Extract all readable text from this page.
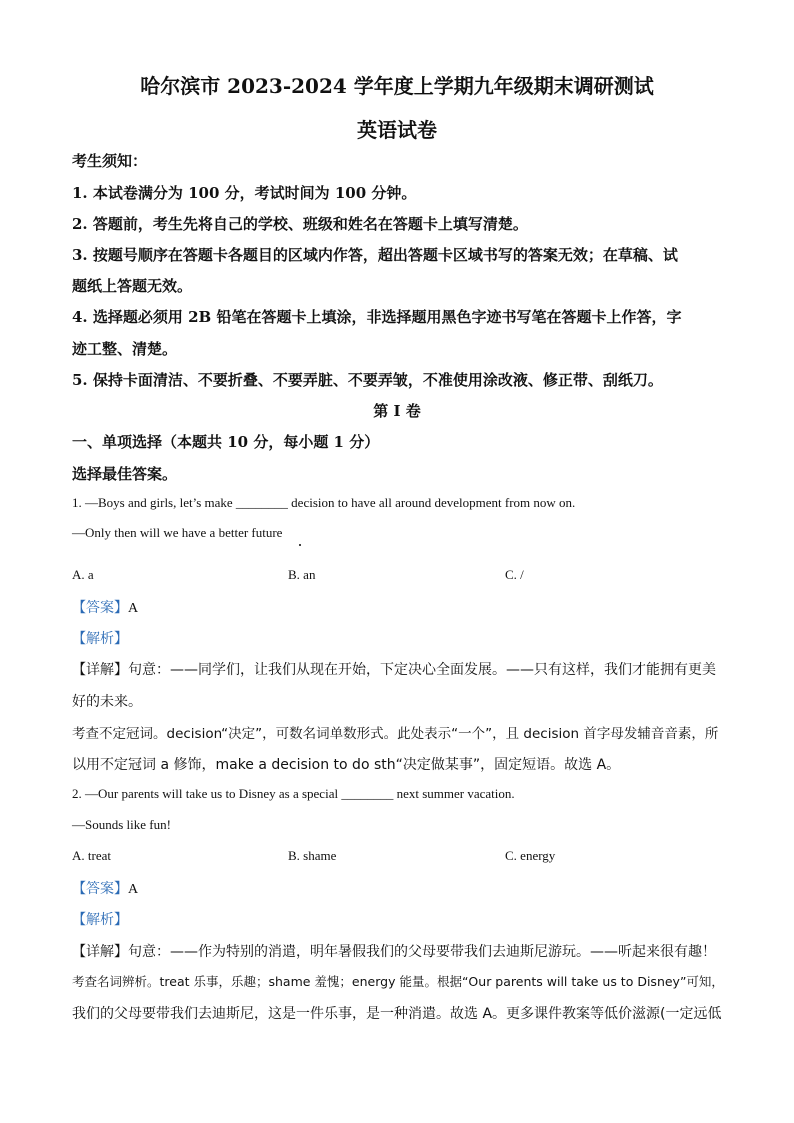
哈尔滨市 2023-2024 学年度上学期九年级期末调研测试
英语试卷
考生须知：
1. 本试卷满分为 100 分，考试时间为 100 分钟。
2. 答题前，考生先将自己的学校、班级和姓名在答题卡上填写清楚。
3. 按题号顺序在答题卡各题目的区域内作答，超出答题卡区域书写的答案无效；在草稿、试
题纸上答题无效。
4. 选择题必须用 2B 铅笔在答题卡上填涂，非选择题用黑色字迹书写笔在答题卡上作答，字
迹工整、清楚。
5. 保持卡面清洁、不要折叠、不要弄脏、不要弄皱，不准使用涂改液、修正带、刮纸刀。
第 I 卷
一、单项选择（本题共 10 分，每小题 1 分）
选择最佳答案。
1. —Boys and girls, let’s make ________ decision to have all around development from now on.
—Only then will we have a better future
A. a	B. an	C. /
【答案】A
【解析】
【详解】句意：——同学们，让我们从现在开始，下定决心全面发展。——只有这样，我们才能拥有更美
好的未来。
考查不定冠词。decision“决定”，可数名词单数形式。此处表示“一个”，且 decision 首字母发辅音音素，所
以用不定冠词 a 修饰，make a decision to do sth“决定做某事”，固定短语。故选 A。
2. —Our parents will take us to Disney as a special ________ next summer vacation.
—Sounds like fun!
A. treat	B. shame	C. energy
【答案】A
【解析】
【详解】句意：——作为特别的消遣，明年暑假我们的父母要带我们去迪斯尼游玩。——听起来很有趣！
考查名词辨析。treat 乐事，乐趣；shame 羞愧；energy 能量。根据“Our parents will take us to Disney”可知，
我们的父母要带我们去迪斯尼，这是一件乐事，是一种消遣。故选 A。更多课件教案等低价滋源(一定远低
